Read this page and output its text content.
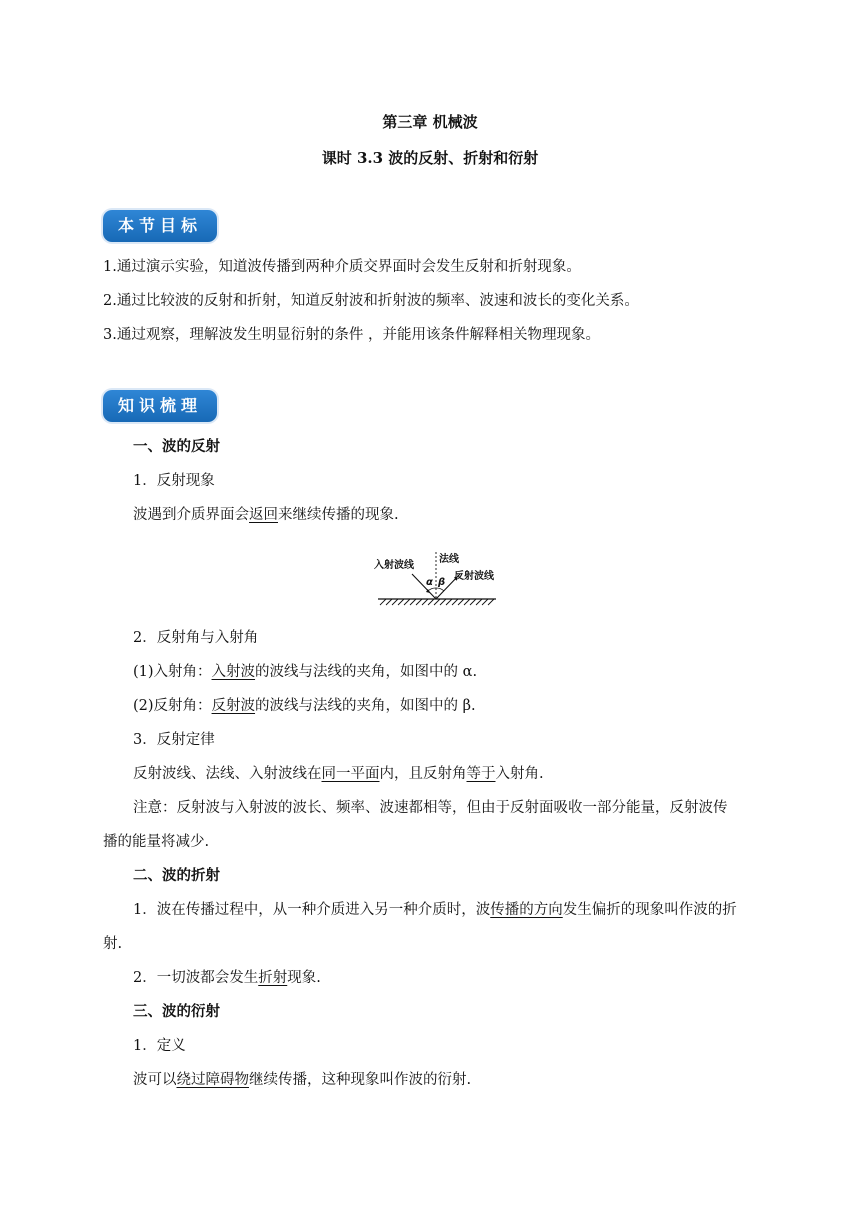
第三章 机械波
课时 3.3 波的反射、折射和衍射
本节目标
1.通过演示实验，知道波传播到两种介质交界面时会发生反射和折射现象。
2.通过比较波的反射和折射，知道反射波和折射波的频率、波速和波长的变化关系。
3.通过观察，理解波发生明显衍射的条件 ，并能用该条件解释相关物理现象。
知识梳理
一、波的反射
1．反射现象
波遇到介质界面会返回来继续传播的现象.
入射波线
法线
反射波线
α β
2．反射角与入射角
(1)入射角：入射波的波线与法线的夹角，如图中的 α.
(2)反射角：反射波的波线与法线的夹角，如图中的 β.
3．反射定律
反射波线、法线、入射波线在同一平面内，且反射角等于入射角.
注意：反射波与入射波的波长、频率、波速都相等，但由于反射面吸收一部分能量，反射波传
播的能量将减少.
二、波的折射
1．波在传播过程中，从一种介质进入另一种介质时，波传播的方向发生偏折的现象叫作波的折
射.
2．一切波都会发生折射现象.
三、波的衍射
1．定义
波可以绕过障碍物继续传播，这种现象叫作波的衍射.
